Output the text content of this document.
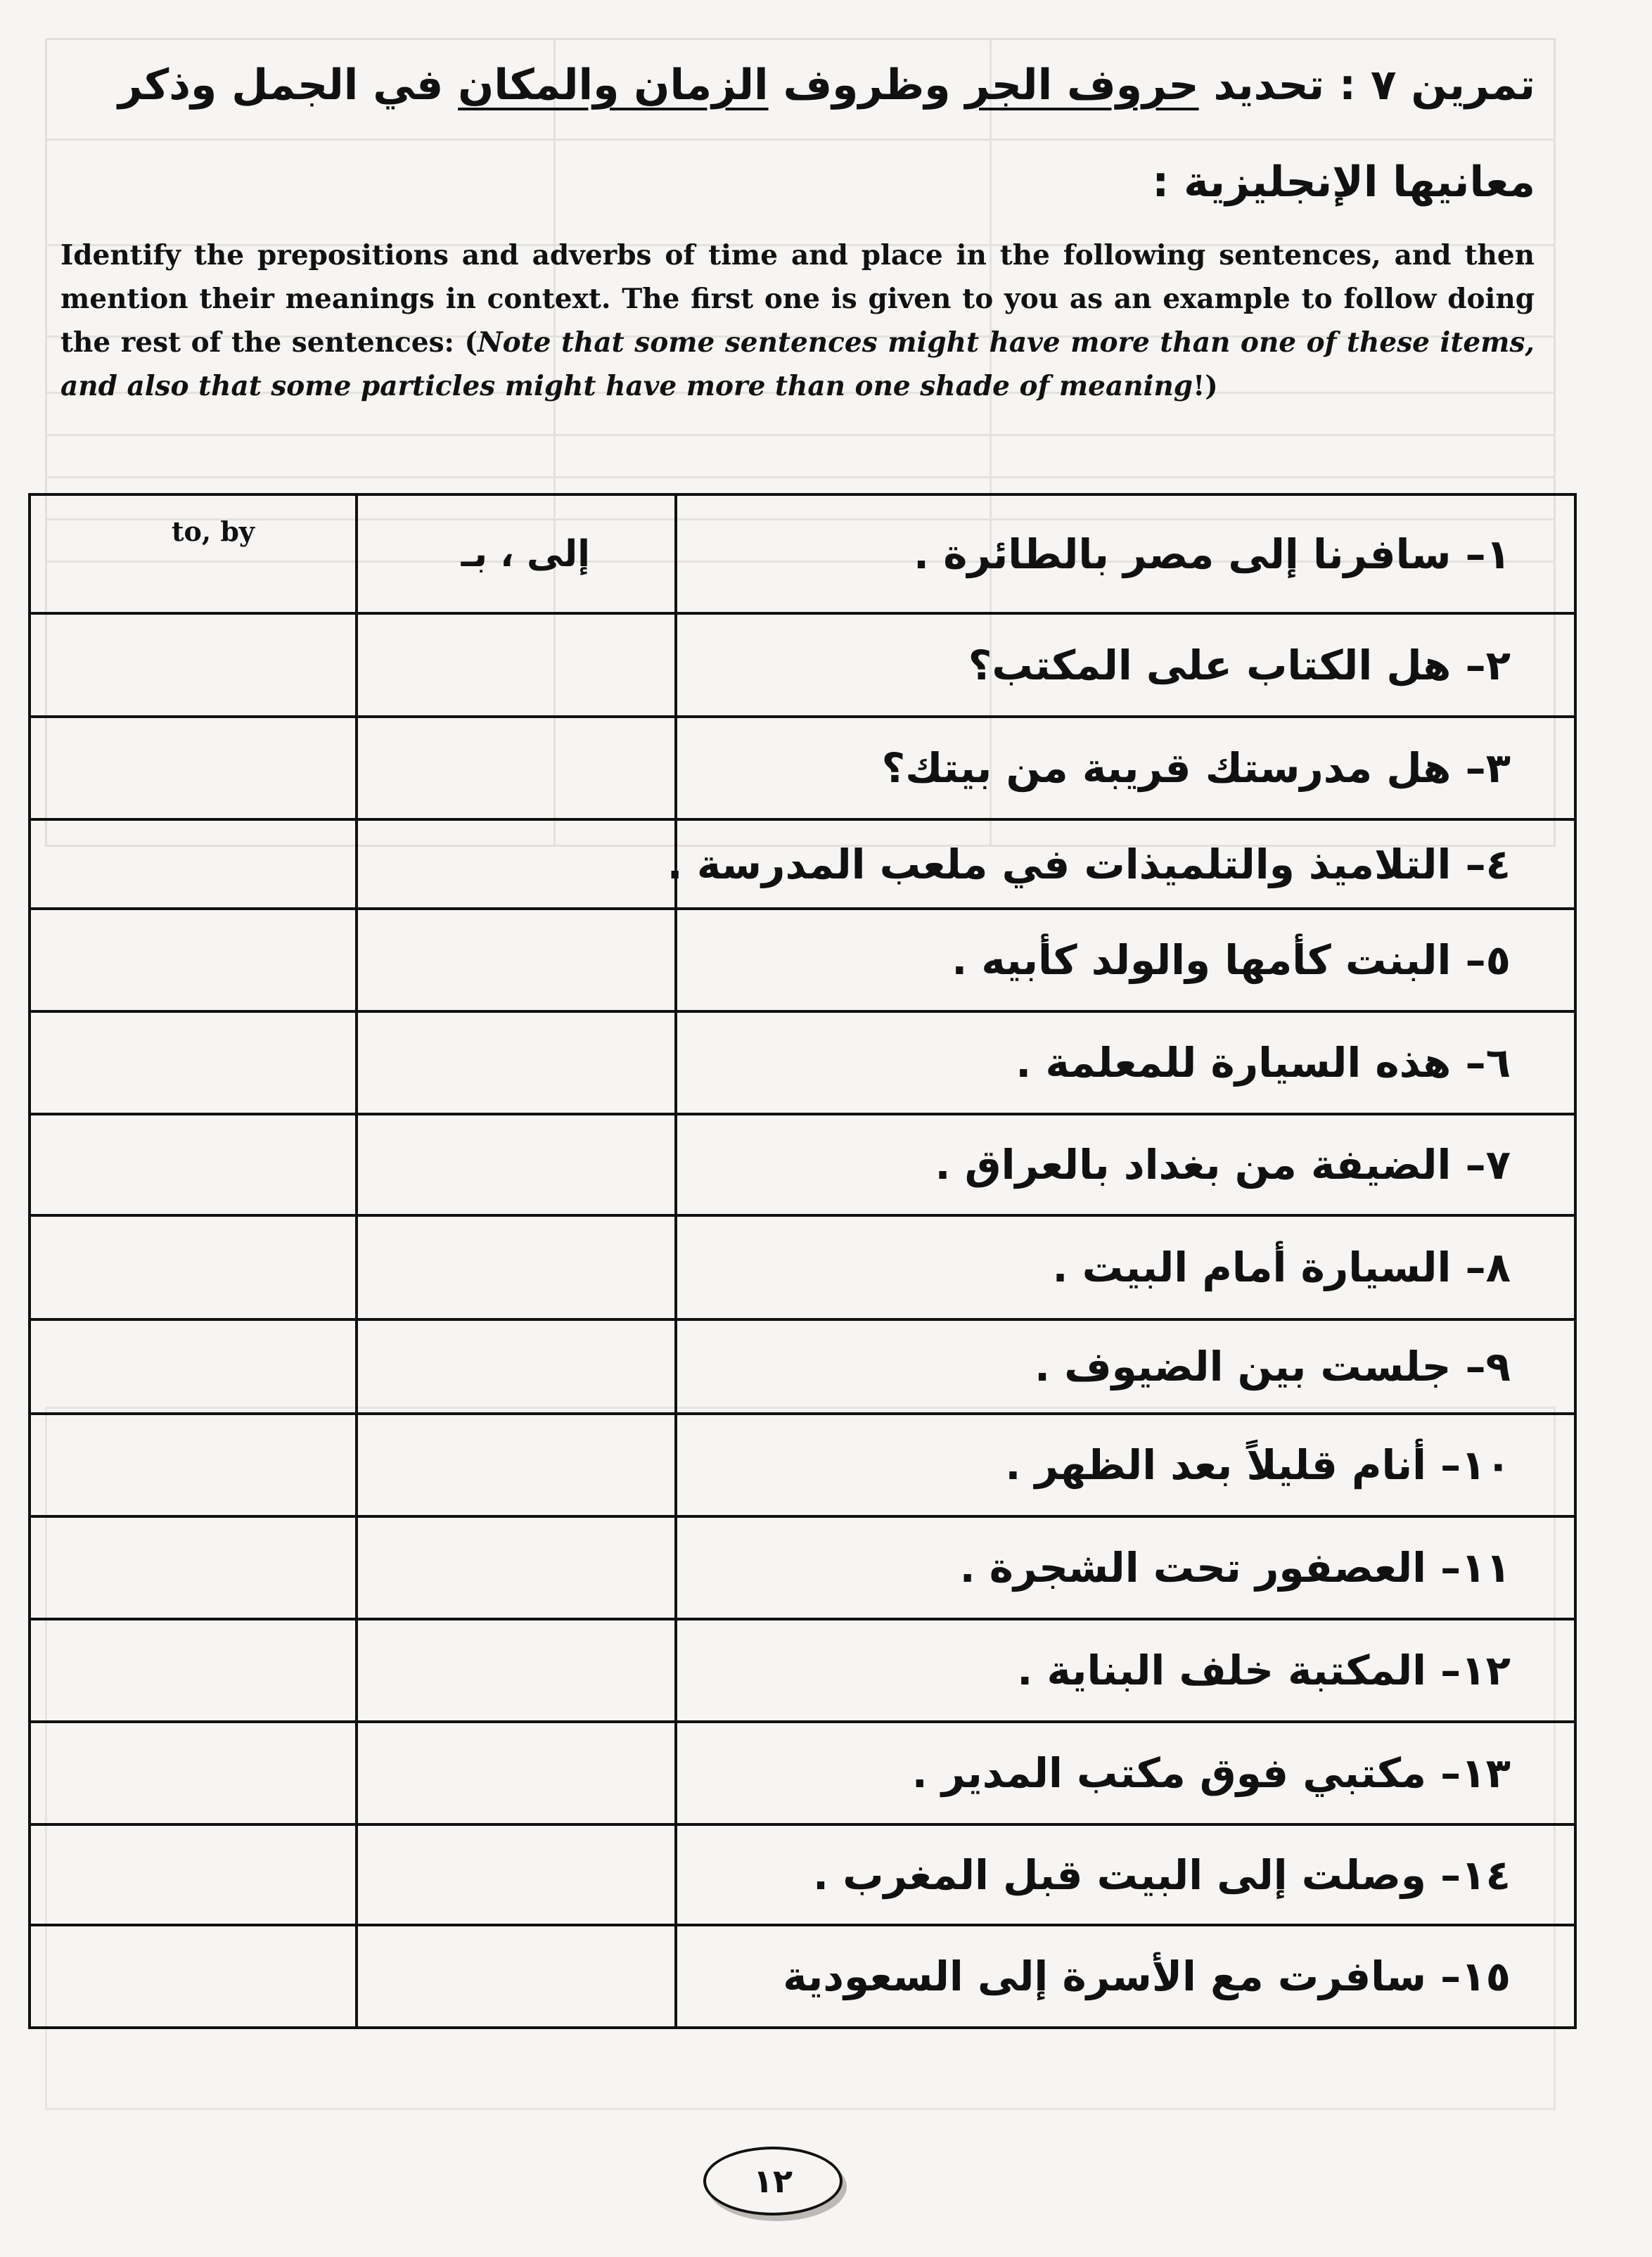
تمرين ٧ : تحديد حروف الجر وظروف الزمان والمكان في الجمل وذكر معانيها الإنجليزية :
Identify the prepositions and adverbs of time and place in the following sentences, and then mention their meanings in context. The first one is given to you as an example to follow doing the rest of the sentences: (Note that some sentences might have more than one of these items, and also that some particles might have more than one shade of meaning!)
to, by	إلى ، بـ	١– سافرنا إلى مصر بالطائرة .
		٢– هل الكتاب على المكتب؟
		٣– هل مدرستك قريبة من بيتك؟
		٤– التلاميذ والتلميذات في ملعب المدرسة .
		٥– البنت كأمها والولد كأبيه .
		٦– هذه السيارة للمعلمة .
		٧– الضيفة من بغداد بالعراق .
		٨– السيارة أمام البيت .
		٩– جلست بين الضيوف .
		١٠– أنام قليلاً بعد الظهر .
		١١– العصفور تحت الشجرة .
		١٢– المكتبة خلف البناية .
		١٣– مكتبي فوق مكتب المدير .
		١٤– وصلت إلى البيت قبل المغرب .
		١٥– سافرت مع الأسرة إلى السعودية
١٢
